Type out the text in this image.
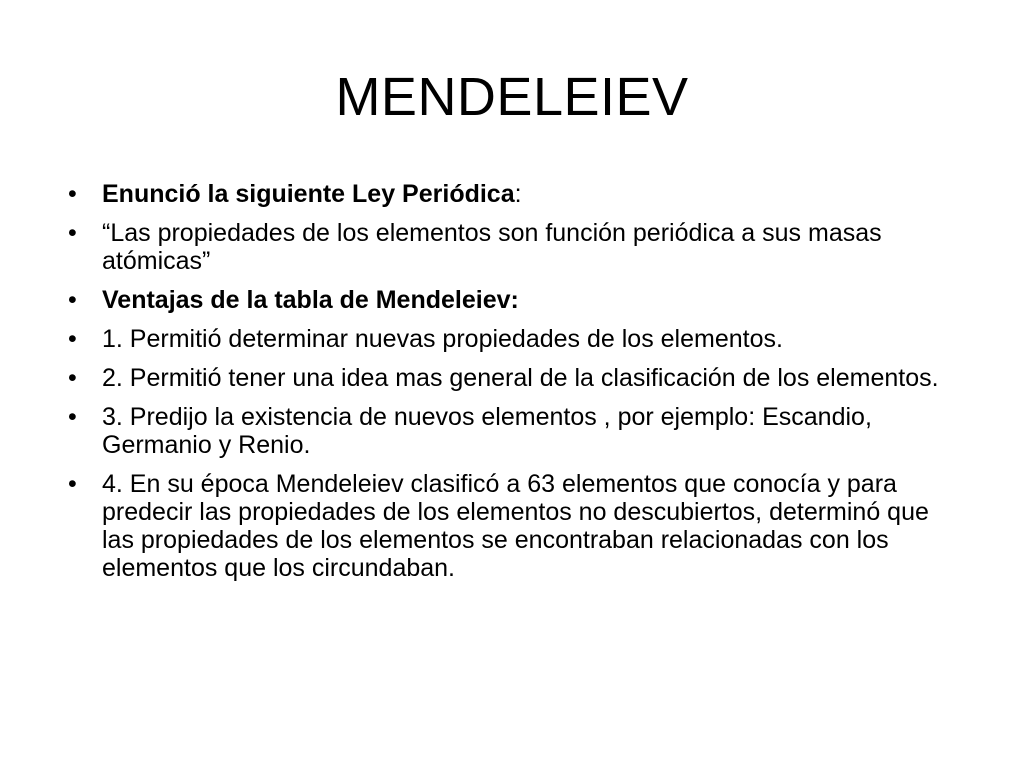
MENDELEIEV
•	Enunció la siguiente Ley Periódica:
•	“Las propiedades de los elementos son función periódica a sus masas atómicas”
•	Ventajas de la tabla de Mendeleiev:
•	1. Permitió determinar nuevas propiedades de los elementos.
•	2. Permitió tener una idea mas general de la clasificación de los elementos.
•	3. Predijo la existencia de nuevos elementos , por ejemplo: Escandio, Germanio y Renio.
•	4. En su época Mendeleiev clasificó a 63 elementos que conocía y para predecir las propiedades de los elementos no descubiertos, determinó que las propiedades de los elementos se encontraban relacionadas con los elementos que los circundaban.
